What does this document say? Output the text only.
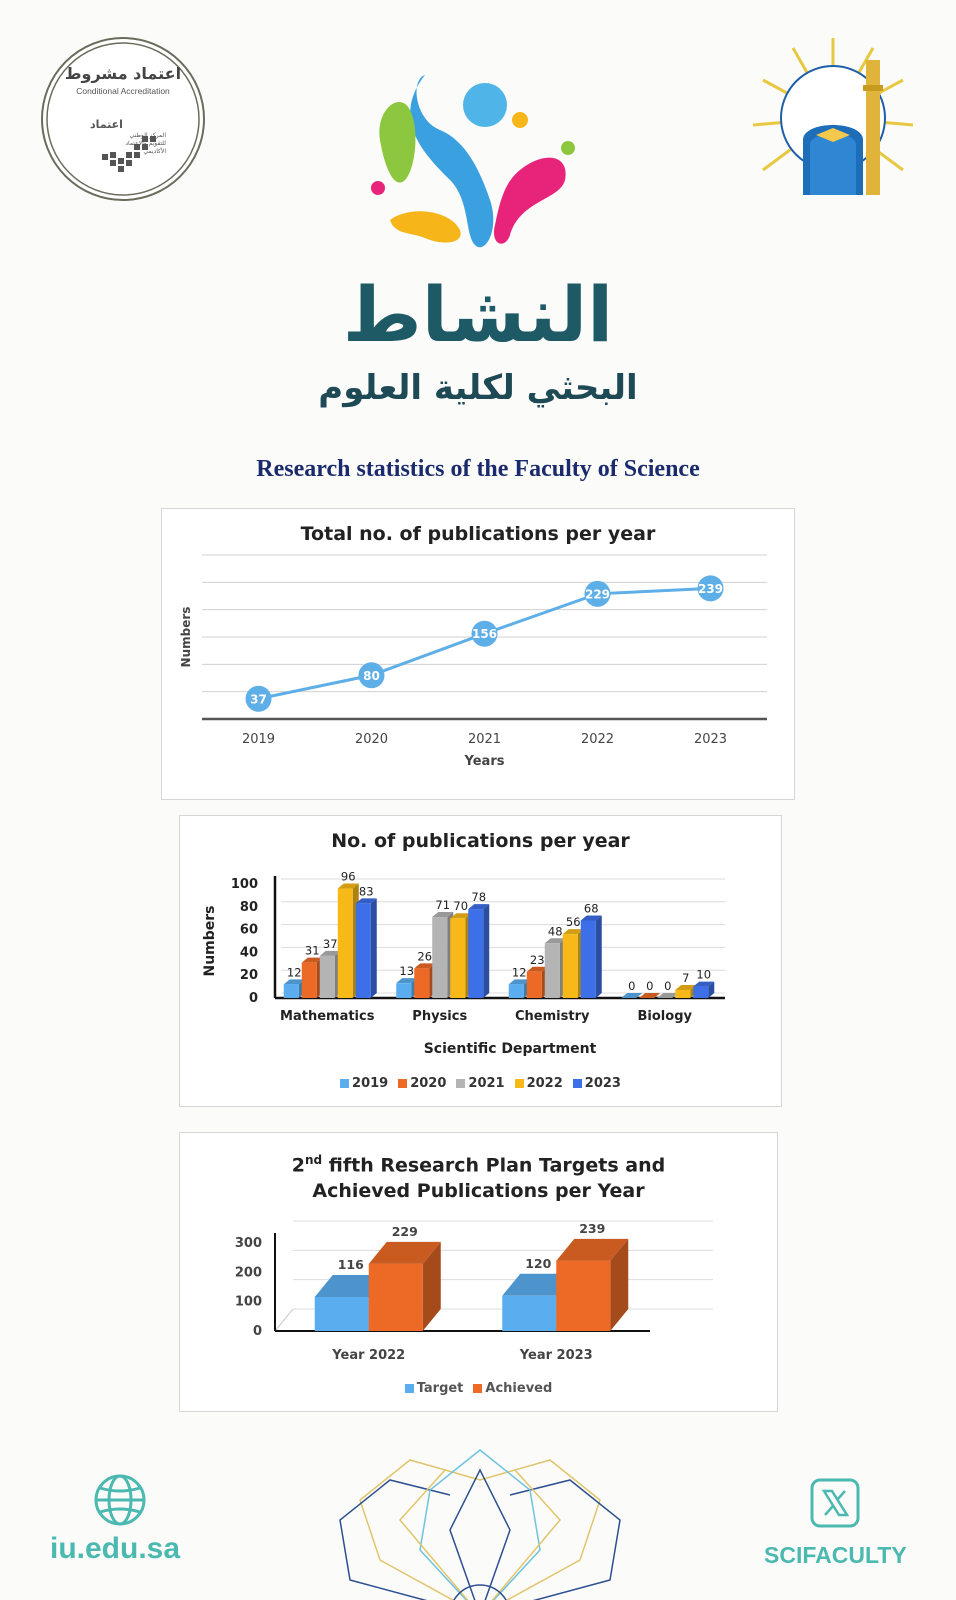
اعتماد مشروط
Conditional Accreditation
اعتماد
المركز الوطني للتقويم والاعتماد الأكاديمي
النشاط
البحثي لكلية العلوم
Research statistics of the Faculty of Science
Total no. of publications per year
37
2019
80
2020
156
2021
229
2022
239
2023
Years
Numbers
No. of publications per year
0
20
40
60
80
100
12
31 37
96
83
Mathematics
13
26
71 70
78
Physics
12
23
48
56
68
Chemistry
0 0 0
7 10
Biology
Scientific Department
Numbers
2019 2020 2021 2022 2023
2nd fifth Research Plan Targets and
Achieved Publications per Year
0
100
200
300
116
229
Year 2022
120
239
Year 2023
Target Achieved
iu.edu.sa	SCIFACULTY
